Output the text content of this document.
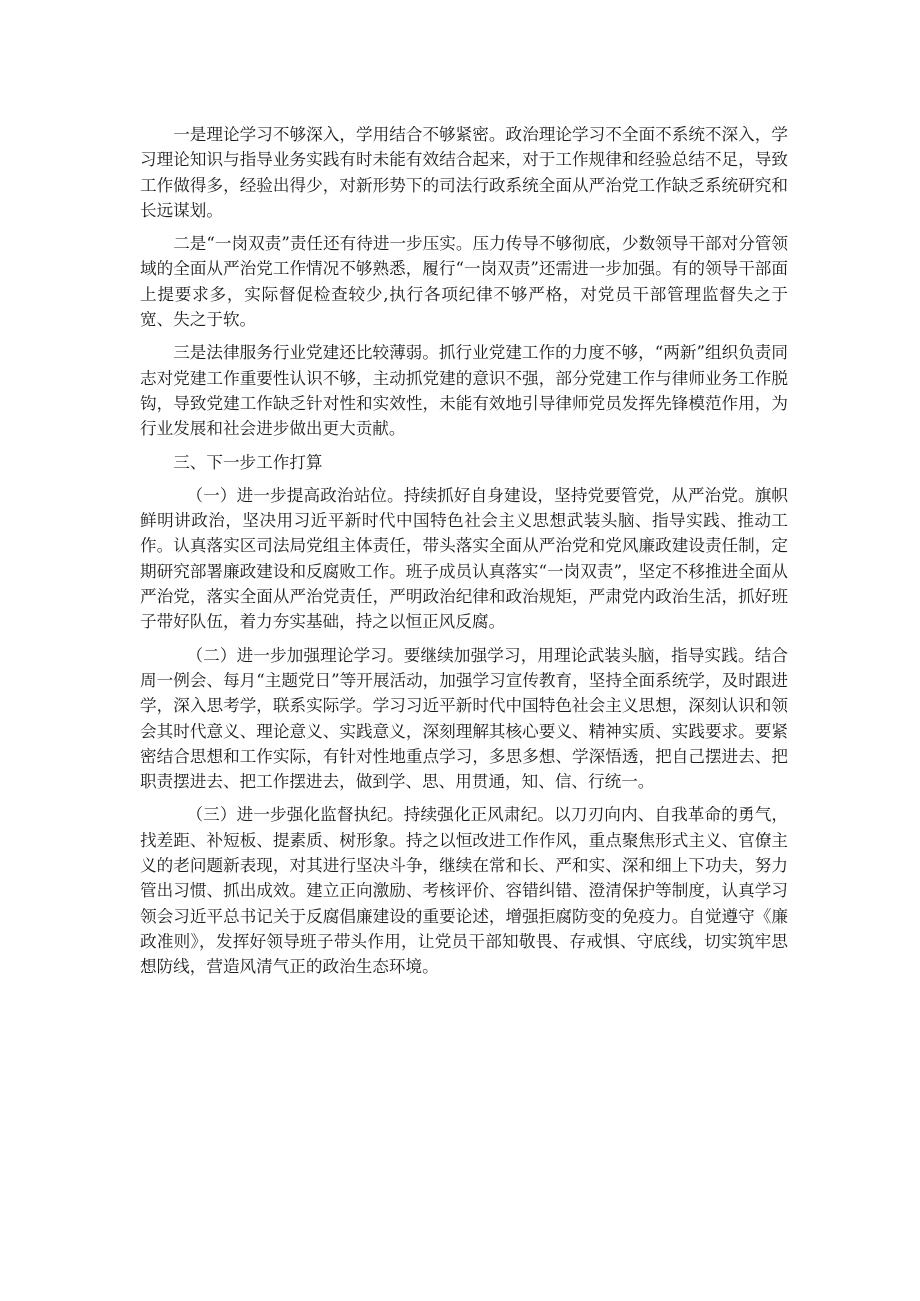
一是理论学习不够深入，学用结合不够紧密。政治理论学习不全面不系统不深入，学习理论知识与指导业务实践有时未能有效结合起来，对于工作规律和经验总结不足，导致工作做得多，经验出得少，对新形势下的司法行政系统全面从严治党工作缺乏系统研究和长远谋划。

二是“一岗双责”责任还有待进一步压实。压力传导不够彻底，少数领导干部对分管领域的全面从严治党工作情况不够熟悉，履行“一岗双责”还需进一步加强。有的领导干部面上提要求多，实际督促检查较少,执行各项纪律不够严格，对党员干部管理监督失之于宽、失之于软。

三是法律服务行业党建还比较薄弱。抓行业党建工作的力度不够，“两新”组织负责同志对党建工作重要性认识不够，主动抓党建的意识不强，部分党建工作与律师业务工作脱钩，导致党建工作缺乏针对性和实效性，未能有效地引导律师党员发挥先锋模范作用，为行业发展和社会进步做出更大贡献。

三、下一步工作打算

（一）进一步提高政治站位。持续抓好自身建设，坚持党要管党，从严治党。旗帜鲜明讲政治，坚决用习近平新时代中国特色社会主义思想武装头脑、指导实践、推动工作。认真落实区司法局党组主体责任，带头落实全面从严治党和党风廉政建设责任制，定期研究部署廉政建设和反腐败工作。班子成员认真落实“一岗双责”，坚定不移推进全面从严治党，落实全面从严治党责任，严明政治纪律和政治规矩，严肃党内政治生活，抓好班子带好队伍，着力夯实基础，持之以恒正风反腐。

（二）进一步加强理论学习。要继续加强学习，用理论武装头脑，指导实践。结合周一例会、每月“主题党日”等开展活动，加强学习宣传教育，坚持全面系统学，及时跟进学，深入思考学，联系实际学。学习习近平新时代中国特色社会主义思想，深刻认识和领会其时代意义、理论意义、实践意义，深刻理解其核心要义、精神实质、实践要求。要紧密结合思想和工作实际，有针对性地重点学习，多思多想、学深悟透，把自己摆进去、把职责摆进去、把工作摆进去，做到学、思、用贯通，知、信、行统一。

（三）进一步强化监督执纪。持续强化正风肃纪。以刀刃向内、自我革命的勇气，找差距、补短板、提素质、树形象。持之以恒改进工作作风，重点聚焦形式主义、官僚主义的老问题新表现，对其进行坚决斗争，继续在常和长、严和实、深和细上下功夫，努力管出习惯、抓出成效。建立正向激励、考核评价、容错纠错、澄清保护等制度，认真学习领会习近平总书记关于反腐倡廉建设的重要论述，增强拒腐防变的免疫力。自觉遵守《廉政准则》，发挥好领导班子带头作用，让党员干部知敬畏、存戒惧、守底线，切实筑牢思想防线，营造风清气正的政治生态环境。
